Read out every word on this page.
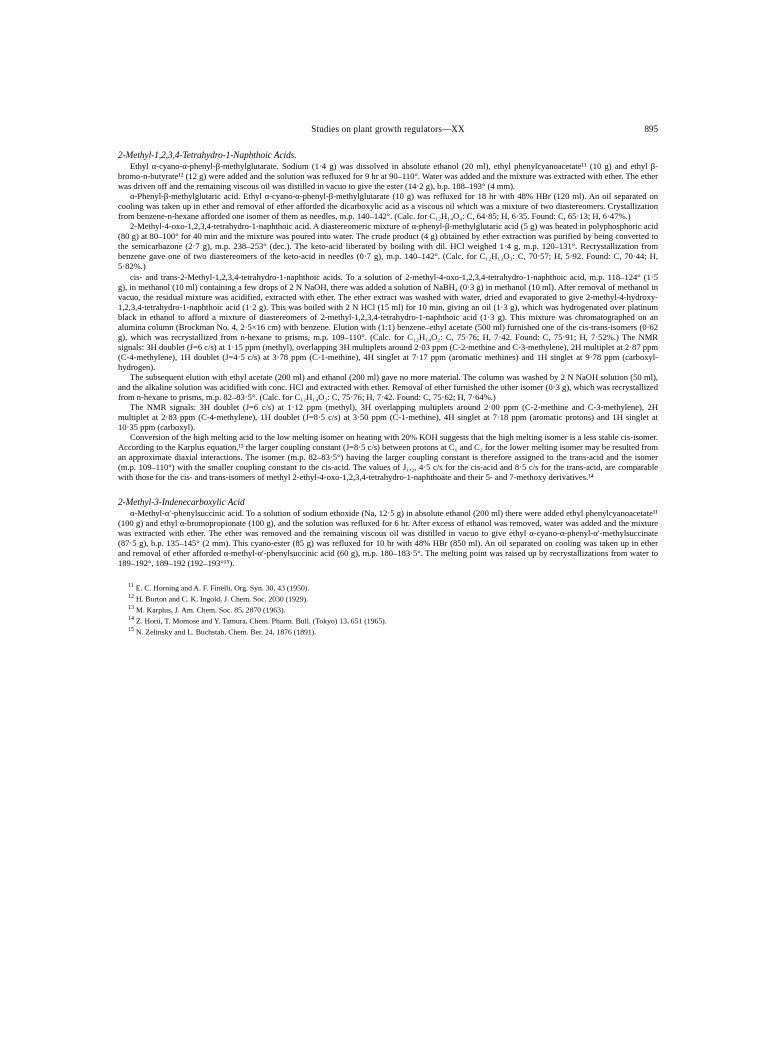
Studies on plant growth regulators—XX	895
2-Methyl-1,2,3,4-Tetrahydro-1-Naphthoic Acids.

Ethyl α-cyano-α-phenyl-β-methylglutarate. Sodium (1·4 g) was dissolved in absolute ethanol (20 ml), ethyl phenylcyanoacetate¹¹ (10 g) and ethyl β-bromo-n-butyrate¹² (12 g) were added and the solution was refluxed for 9 hr at 90–110°. Water was added and the mixture was extracted with ether. The ether was driven off and the remaining viscous oil was distilled in vacuo to give the ester (14·2 g), b.p. 188–193° (4 mm).

α-Phenyl-β-methylglutaric acid. Ethyl α-cyano-α-phenyl-β-methylglutarate (10 g) was refluxed for 18 hr with 48% HBr (120 ml). An oil separated on cooling was taken up in ether and removal of ether afforded the dicarboxylic acid as a viscous oil which was a mixture of two diastereomers. Crystallization from benzene-n-hexane afforded one isomer of them as needles, m.p. 140–142°. (Calc. for C₁₂H₁₄O₄: C, 64·85; H, 6·35. Found: C, 65·13; H, 6·47%.)

2-Methyl-4-oxo-1,2,3,4-tetrahydro-1-naphthoic acid. A diastereomeric mixture of α-phenyl-β-methylglutaric acid (5 g) was heated in polyphosphoric acid (80 g) at 80–100° for 40 min and the mixture was poured into water. The crude product (4 g) obtained by ether extraction was purified by being converted to the semicarbazone (2·7 g), m.p. 238–253° (dec.). The keto-acid liberated by boiling with dil. HCl weighed 1·4 g, m.p. 120–131°. Recrystallization from benzene gave one of two diastereomers of the keto-acid in needles (0·7 g), m.p. 140–142°. (Calc. for C₁₂H₁₂O₃: C, 70·57; H, 5·92. Found: C, 70·44; H, 5·82%.)

cis- and trans-2-Methyl-1,2,3,4-tetrahydro-1-naphthoic acids. To a solution of 2-methyl-4-oxo-1,2,3,4-tetrahydro-1-naphthoic acid, m.p. 118–124° (1·5 g), in methanol (10 ml) containing a few drops of 2 N NaOH, there was added a solution of NaBH₄ (0·3 g) in methanol (10 ml). After removal of methanol in vacuo, the residual mixture was acidified, extracted with ether. The ether extract was washed with water, dried and evaporated to give 2-methyl-4-hydroxy-1,2,3,4-tetrahydro-1-naphthoic acid (1·2 g). This was boiled with 2 N HCl (15 ml) for 10 min, giving an oil (1·3 g), which was hydrogenated over platinum black in ethanol to afford a mixture of diastereomers of 2-methyl-1,2,3,4-tetrahydro-1-naphthoic acid (1·3 g). This mixture was chromatographed on an alumina column (Brockman No. 4, 2·5×16 cm) with benzene. Elution with (1:1) benzene–ethyl acetate (500 ml) furnished one of the cis-trans-isomers (0·62 g), which was recrystallized from n-hexane to prisms, m.p. 109–110°. (Calc. for C₁₂H₁₄O₂: C, 75·76; H, 7·42. Found: C, 75·91; H, 7·52%.) The NMR signals: 3H doublet (J=6 c/s) at 1·15 ppm (methyl), overlapping 3H multiplets around 2·03 ppm (C-2-methine and C-3-methylene), 2H multiplet at 2·87 ppm (C-4-methylene), 1H doublet (J=4·5 c/s) at 3·78 ppm (C-1-methine), 4H singlet at 7·17 ppm (aromatic methines) and 1H singlet at 9·78 ppm (carboxyl-hydrogen).

The subsequent elution with ethyl acetate (200 ml) and ethanol (200 ml) gave no more material. The column was washed by 2 N NaOH solution (50 ml), and the alkaline solution was acidified with conc. HCl and extracted with ether. Removal of ether furnished the other isomer (0·3 g), which was recrystallized from n-hexane to prisms, m.p. 82–83·5°. (Calc. for C₁₂H₁₄O₂: C, 75·76; H, 7·42. Found: C, 75·62; H, 7·64%.)

The NMR signals: 3H doublet (J=6 c/s) at 1·12 ppm (methyl), 3H overlapping multiplets around 2·00 ppm (C-2-methine and C-3-methylene), 2H multiplet at 2·83 ppm (C-4-methylene), 1H doublet (J=8·5 c/s) at 3·50 ppm (C-1-methine), 4H singlet at 7·18 ppm (aromatic protons) and 1H singlet at 10·35 ppm (carboxyl).

Conversion of the high melting acid to the low melting isomer on heating with 20% KOH suggests that the high melting isomer is a less stable cis-isomer. According to the Karplus equation,¹³ the larger coupling constant (J=8·5 c/s) between protons at C₁ and C₂ for the lower melting isomer may be resulted from an approximate diaxial interactions. The isomer (m.p. 82–83·5°) having the larger coupling constant is therefore assigned to the trans-acid and the isomer (m.p. 109–110°) with the smaller coupling constant to the cis-acid. The values of J₁,₂, 4·5 c/s for the cis-acid and 8·5 c/s for the trans-acid, are comparable with those for the cis- and trans-isomers of methyl 2-ethyl-4-oxo-1,2,3,4-tetrahydro-1-naphthoate and their 5- and 7-methoxy derivatives.¹⁴

2-Methyl-3-Indenecarboxylic Acid

α-Methyl-α′-phenylsuccinic acid. To a solution of sodium ethoxide (Na, 12·5 g) in absolute ethanol (200 ml) there were added ethyl phenylcyanoacetate¹¹ (100 g) and ethyl α-bromopropionate (100 g), and the solution was refluxed for 6 hr. After excess of ethanol was removed, water was added and the mixture was extracted with ether. The ether was removed and the remaining viscous oil was distilled in vacuo to give ethyl α-cyano-α-phenyl-α′-methylsuccinate (87·5 g), b.p. 135–145° (2 mm). This cyano-ester (85 g) was refluxed for 10 hr with 48% HBr (850 ml). An oil separated on cooling was taken up in ether and removal of ether afforded α-methyl-α′-phenylsuccinic acid (60 g), m.p. 180–183·5°. The melting point was raised up by recrystallizations from water to 189–192°, 189–192 (192–193°¹⁵).

$^{11}$ E. C. Horning and A. F. Finelli, Org. Syn. 30, 43 (1950).

$^{12}$ H. Burton and C. K. Ingold, J. Chem. Soc. 2030 (1929).

$^{13}$ M. Karplus, J. Am. Chem. Soc. 85, 2870 (1963).

$^{14}$ Z. Horii, T. Momose and Y. Tamura, Chem. Pharm. Bull. (Tokyo) 13, 651 (1965).

$^{15}$ N. Zelinsky and L. Buchstab, Chem. Ber. 24, 1876 (1891).
